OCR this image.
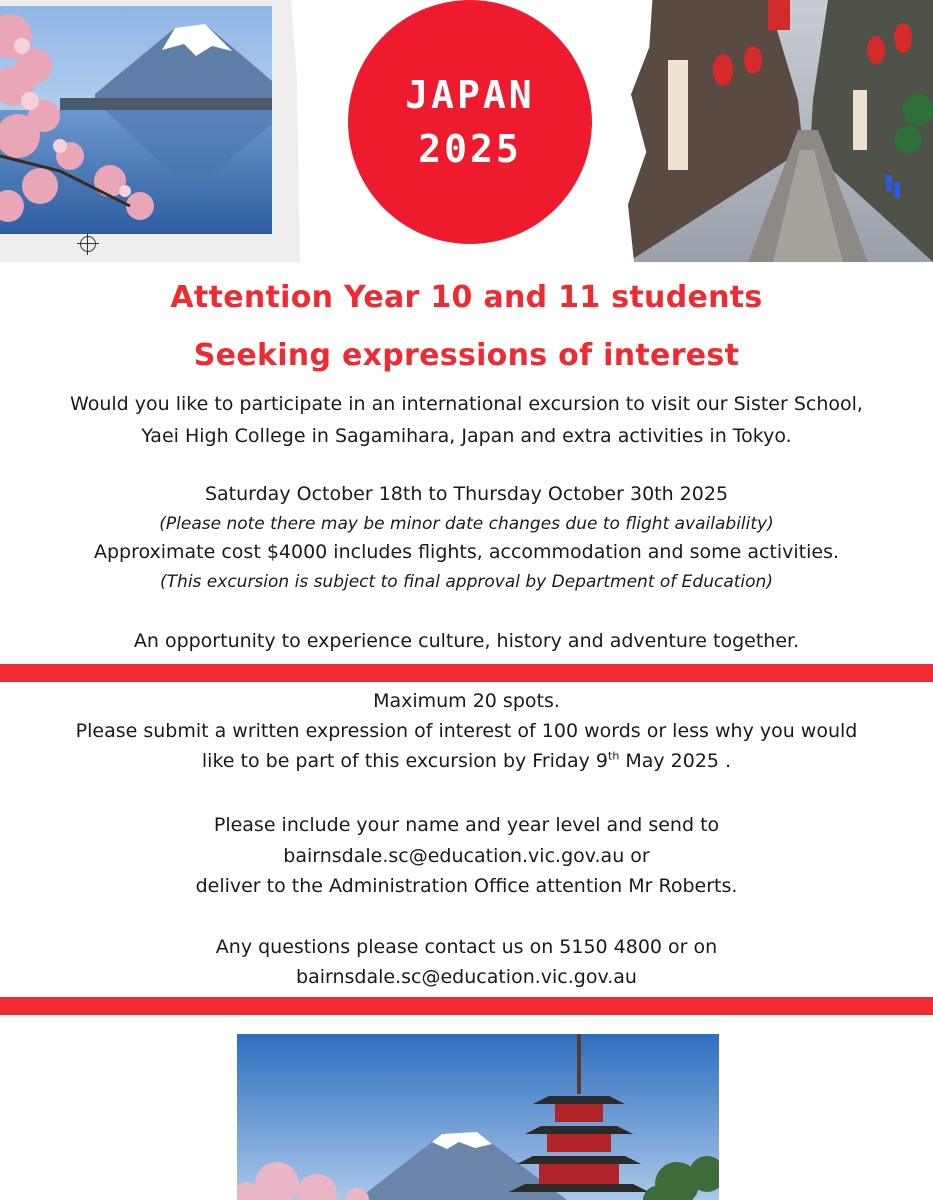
JAPAN
2025
Attention Year 10 and 11 students
Seeking expressions of interest
Would you like to participate in an international excursion to visit our Sister School,
Yaei High College in Sagamihara, Japan and extra activities in Tokyo.
Saturday October 18th to Thursday October 30th 2025
(Please note there may be minor date changes due to flight availability)
Approximate cost $4000 includes flights, accommodation and some activities.
(This excursion is subject to final approval by Department of Education)
An opportunity to experience culture, history and adventure together.
Maximum 20 spots.
Please submit a written expression of interest of 100 words or less why you would
like to be part of this excursion by Friday 9th May 2025 .
Please include your name and year level and send to
bairnsdale.sc@education.vic.gov.au or
deliver to the Administration Office attention Mr Roberts.
Any questions please contact us on 5150 4800 or on
bairnsdale.sc@education.vic.gov.au
